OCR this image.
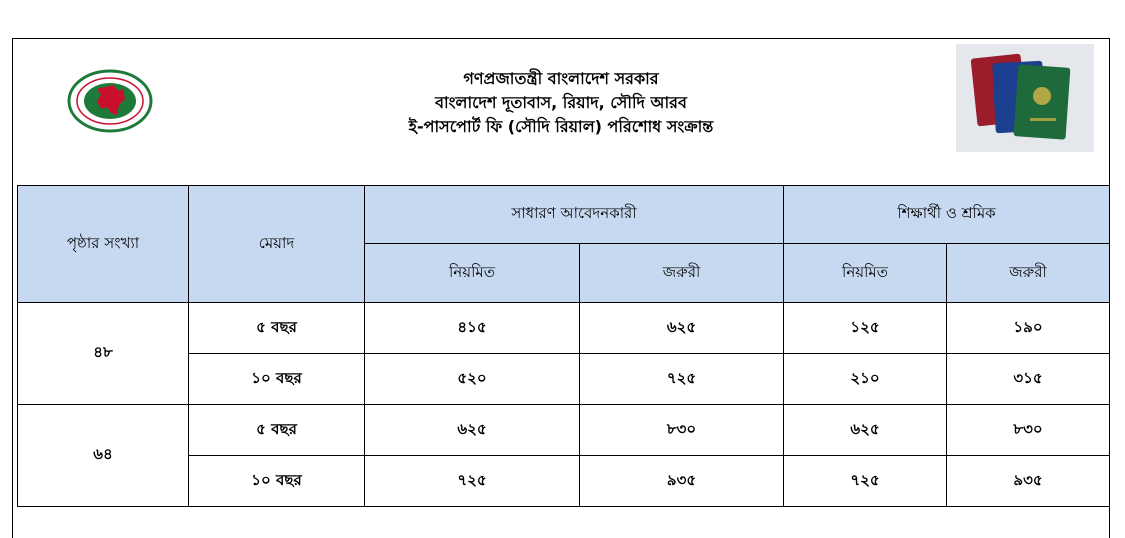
গণপ্রজাতন্ত্রী বাংলাদেশ সরকার
বাংলাদেশ দূতাবাস, রিয়াদ, সৌদি আরব
ই-পাসপোর্ট ফি (সৌদি রিয়াল) পরিশোধ সংক্রান্ত
পৃষ্ঠার সংখ্যা	মেয়াদ	সাধারণ আবেদনকারী		শিক্ষার্থী ও শ্রমিক	
		নিয়মিত	জরুরী	নিয়মিত	জরুরী
৪৮	৫ বছর	৪১৫	৬২৫	১২৫	১৯০
	১০ বছর	৫২০	৭২৫	২১০	৩১৫
৬৪	৫ বছর	৬২৫	৮৩০	৬২৫	৮৩০
	১০ বছর	৭২৫	৯৩৫	৭২৫	৯৩৫
